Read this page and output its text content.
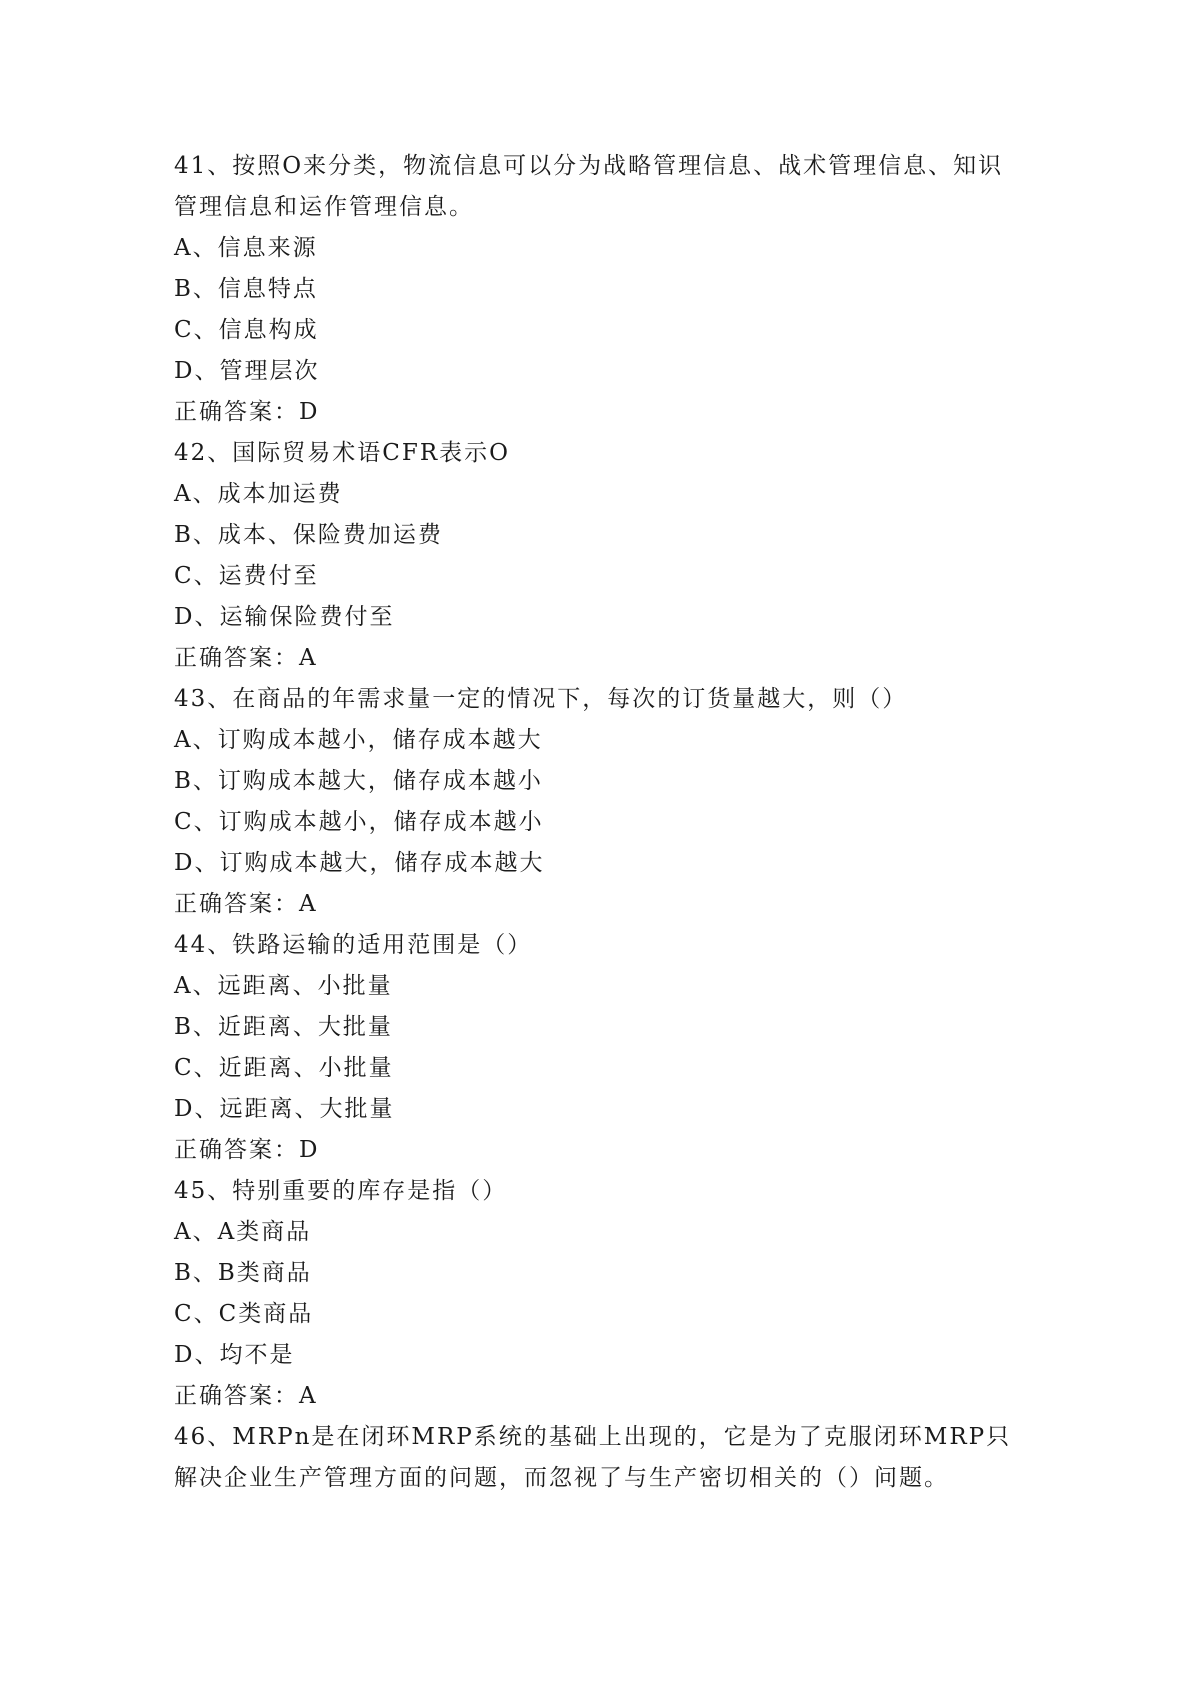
41、按照O来分类，物流信息可以分为战略管理信息、战术管理信息、知识管理信息和运作管理信息。
A、信息来源
B、信息特点
C、信息构成
D、管理层次
正确答案：D
42、国际贸易术语CFR表示O
A、成本加运费
B、成本、保险费加运费
C、运费付至
D、运输保险费付至
正确答案：A
43、在商品的年需求量一定的情况下，每次的订货量越大，则（）
A、订购成本越小，储存成本越大
B、订购成本越大，储存成本越小
C、订购成本越小，储存成本越小
D、订购成本越大，储存成本越大
正确答案：A
44、铁路运输的适用范围是（）
A、远距离、小批量
B、近距离、大批量
C、近距离、小批量
D、远距离、大批量
正确答案：D
45、特别重要的库存是指（）
A、A类商品
B、B类商品
C、C类商品
D、均不是
正确答案：A
46、MRPn是在闭环MRP系统的基础上出现的，它是为了克服闭环MRP只解决企业生产管理方面的问题，而忽视了与生产密切相关的（）问题。
